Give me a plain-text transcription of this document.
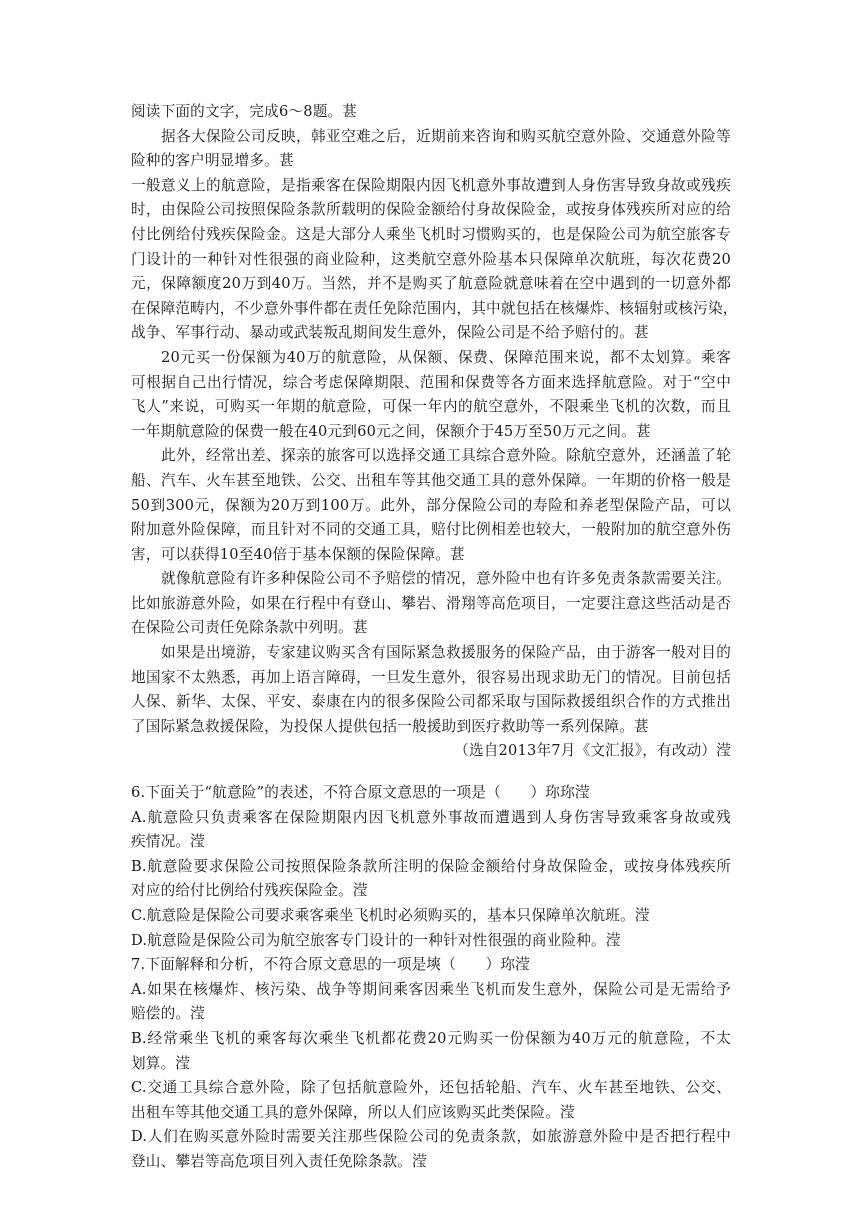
阅读下面的文字，完成6～8题。葚
据各大保险公司反映，韩亚空难之后，近期前来咨询和购买航空意外险、交通意外险等
险种的客户明显增多。葚
一般意义上的航意险，是指乘客在保险期限内因飞机意外事故遭到人身伤害导致身故或残疾
时，由保险公司按照保险条款所载明的保险金额给付身故保险金，或按身体残疾所对应的给
付比例给付残疾保险金。这是大部分人乘坐飞机时习惯购买的，也是保险公司为航空旅客专
门设计的一种针对性很强的商业险种，这类航空意外险基本只保障单次航班，每次花费20
元，保障额度20万到40万。当然，并不是购买了航意险就意味着在空中遇到的一切意外都
在保障范畴内，不少意外事件都在责任免除范围内，其中就包括在核爆炸、核辐射或核污染，
战争、军事行动、暴动或武装叛乱期间发生意外，保险公司是不给予赔付的。葚
20元买一份保额为40万的航意险，从保额、保费、保障范围来说，都不太划算。乘客
可根据自己出行情况，综合考虑保障期限、范围和保费等各方面来选择航意险。对于“空中
飞人”来说，可购买一年期的航意险，可保一年内的航空意外，不限乘坐飞机的次数，而且
一年期航意险的保费一般在40元到60元之间，保额介于45万至50万元之间。葚
此外，经常出差、探亲的旅客可以选择交通工具综合意外险。除航空意外，还涵盖了轮
船、汽车、火车甚至地铁、公交、出租车等其他交通工具的意外保障。一年期的价格一般是
50到300元，保额为20万到100万。此外，部分保险公司的寿险和养老型保险产品，可以
附加意外险保障，而且针对不同的交通工具，赔付比例相差也较大，一般附加的航空意外伤
害，可以获得10至40倍于基本保额的保险保障。葚
就像航意险有许多种保险公司不予赔偿的情况，意外险中也有许多免责条款需要关注。
比如旅游意外险，如果在行程中有登山、攀岩、滑翔等高危项目，一定要注意这些活动是否
在保险公司责任免除条款中列明。葚
如果是出境游，专家建议购买含有国际紧急救援服务的保险产品，由于游客一般对目的
地国家不太熟悉，再加上语言障碍，一旦发生意外，很容易出现求助无门的情况。目前包括
人保、新华、太保、平安、泰康在内的很多保险公司都采取与国际救援组织合作的方式推出
了国际紧急救援保险，为投保人提供包括一般援助到医疗救助等一系列保障。葚
（选自2013年7月《文汇报》，有改动）滢
6.下面关于“航意险”的表述，不符合原文意思的一项是（　　）珎珎滢
A.航意险只负责乘客在保险期限内因飞机意外事故而遭遇到人身伤害导致乘客身故或残
疾情况。滢
B.航意险要求保险公司按照保险条款所注明的保险金额给付身故保险金，或按身体残疾所
对应的给付比例给付残疾保险金。滢
C.航意险是保险公司要求乘客乘坐飞机时必须购买的，基本只保障单次航班。滢
D.航意险是保险公司为航空旅客专门设计的一种针对性很强的商业险种。滢
7.下面解释和分析，不符合原文意思的一项是塽（　　）珎滢
A.如果在核爆炸、核污染、战争等期间乘客因乘坐飞机而发生意外，保险公司是无需给予
赔偿的。滢
B.经常乘坐飞机的乘客每次乘坐飞机都花费20元购买一份保额为40万元的航意险，不太
划算。滢
C.交通工具综合意外险，除了包括航意险外，还包括轮船、汽车、火车甚至地铁、公交、
出租车等其他交通工具的意外保障，所以人们应该购买此类保险。滢
D.人们在购买意外险时需要关注那些保险公司的免责条款，如旅游意外险中是否把行程中
登山、攀岩等高危项目列入责任免除条款。滢
